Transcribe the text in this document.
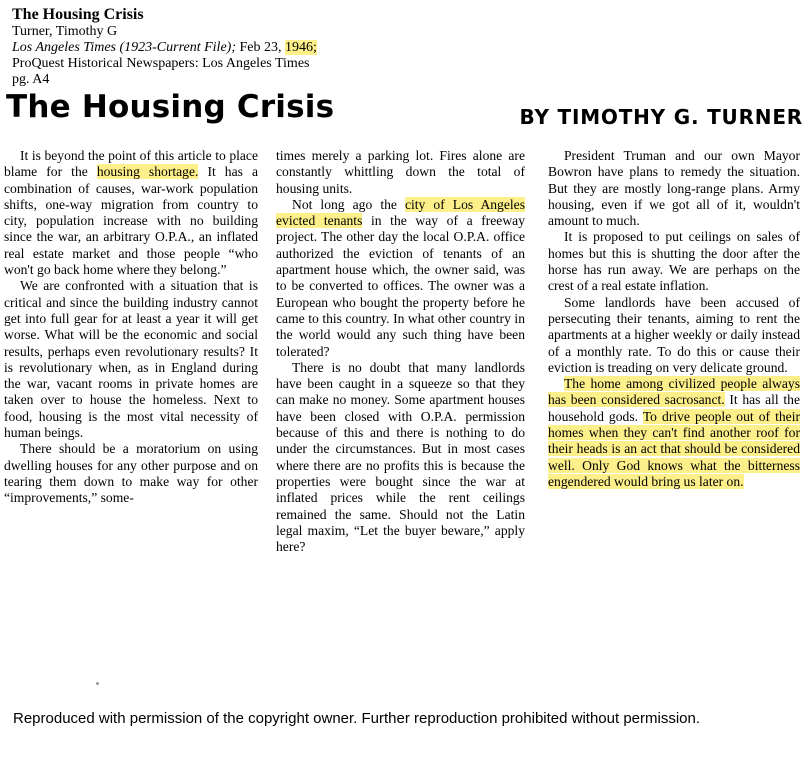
The Housing Crisis
Turner, Timothy G
Los Angeles Times (1923-Current File); Feb 23, 1946;
ProQuest Historical Newspapers: Los Angeles Times
pg. A4
The Housing Crisis	BY TIMOTHY G. TURNER

It is beyond the point of this article to place blame for the housing shortage. It has a combination of causes, war-work population shifts, one-way migration from country to city, population increase with no building since the war, an arbitrary O.P.A., an inflated real estate market and those people “who won't go back home where they belong.”

We are confronted with a situation that is critical and since the building industry cannot get into full gear for at least a year it will get worse. What will be the economic and social results, perhaps even revolutionary results? It is revolutionary when, as in England during the war, vacant rooms in private homes are taken over to house the homeless. Next to food, housing is the most vital necessity of human beings.

There should be a moratorium on using dwelling houses for any other purpose and on tearing them down to make way for other “improvements,” some-

times merely a parking lot. Fires alone are constantly whittling down the total of housing units.

Not long ago the city of Los Angeles evicted tenants in the way of a freeway project. The other day the local O.P.A. office authorized the eviction of tenants of an apartment house which, the owner said, was to be converted to offices. The owner was a European who bought the property before he came to this country. In what other country in the world would any such thing have been tolerated?

There is no doubt that many landlords have been caught in a squeeze so that they can make no money. Some apartment houses have been closed with O.P.A. permission because of this and there is nothing to do under the circumstances. But in most cases where there are no profits this is because the properties were bought since the war at inflated prices while the rent ceilings remained the same. Should not the Latin legal maxim, “Let the buyer beware,” apply here?

President Truman and our own Mayor Bowron have plans to remedy the situation. But they are mostly long-range plans. Army housing, even if we got all of it, wouldn't amount to much.

It is proposed to put ceilings on sales of homes but this is shutting the door after the horse has run away. We are perhaps on the crest of a real estate inflation.

Some landlords have been accused of persecuting their tenants, aiming to rent the apartments at a higher weekly or daily instead of a monthly rate. To do this or cause their eviction is treading on very delicate ground.

The home among civilized people always has been considered sacrosanct. It has all the household gods. To drive people out of their homes when they can't find another roof for their heads is an act that should be considered well. Only God knows what the bitterness engendered would bring us later on.

Reproduced with permission of the copyright owner. Further reproduction prohibited without permission.
